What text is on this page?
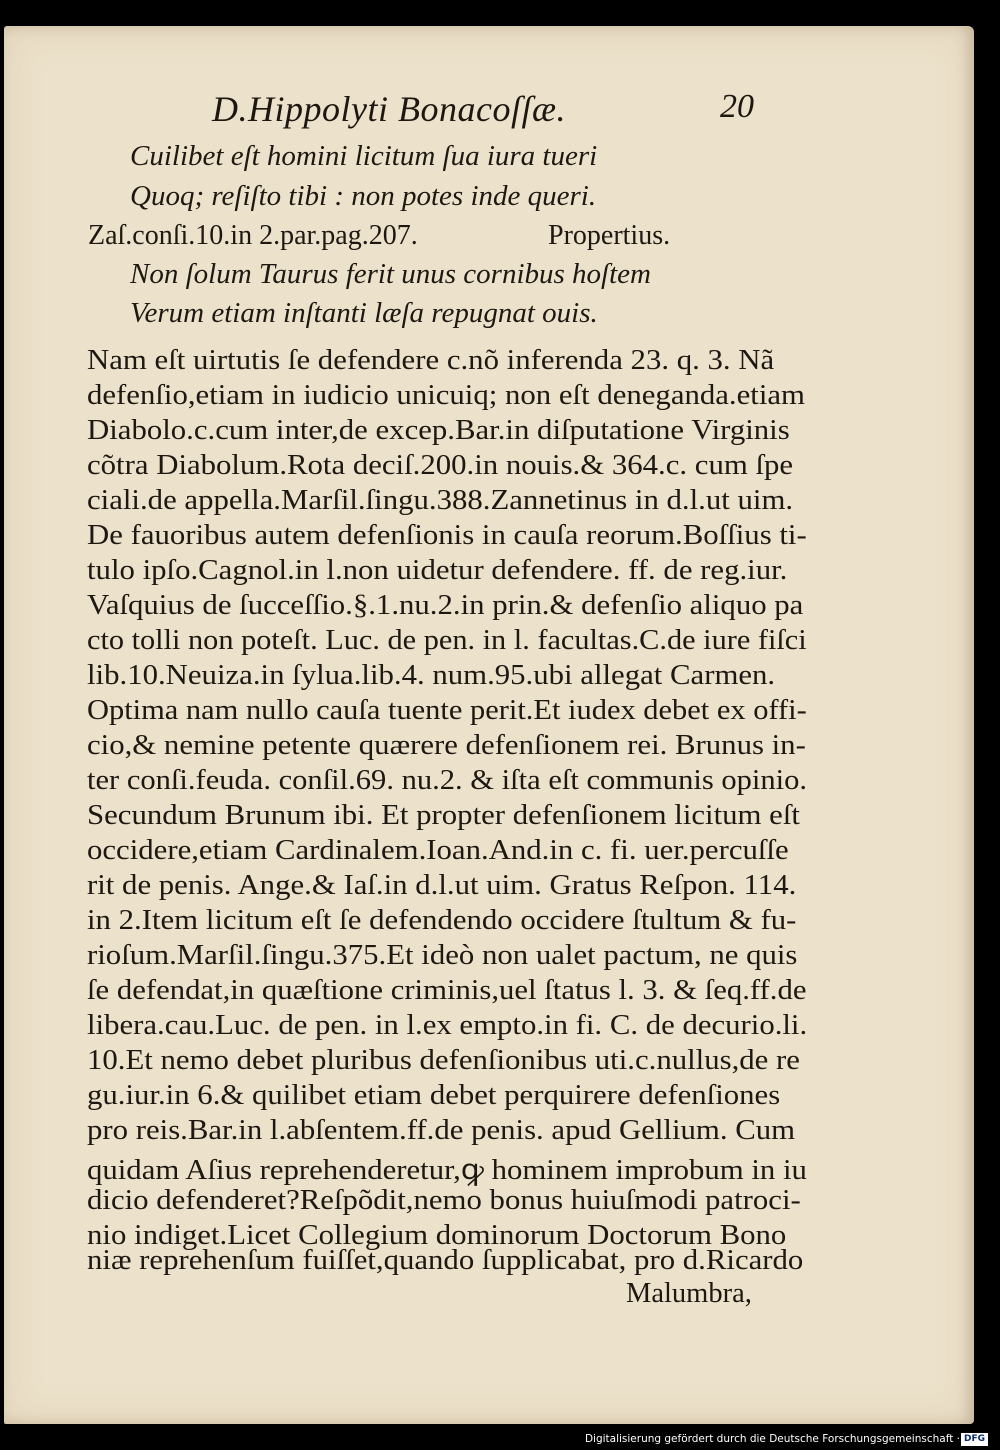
D.Hippolyti Bonacoſſæ.	20
Cuilibet eſt homini licitum ſua iura tueri
Quoq; reſiſto tibi : non potes inde queri.
Zaſ.conſi.10.in 2.par.pag.207.	Propertius.
Non ſolum Taurus ferit unus cornibus hoſtem
Verum etiam inſtanti læſa repugnat ouis.
Nam eſt uirtutis ſe defendere c.nõ inferenda 23. q. 3. Nã
defenſio,etiam in iudicio unicuiq; non eſt deneganda.etiam
Diabolo.c.cum inter,de excep.Bar.in diſputatione Virginis
cõtra Diabolum.Rota deciſ.200.in nouis.& 364.c. cum ſpe
ciali.de appella.Marſil.ſingu.388.Zannetinus in d.l.ut uim.
De fauoribus autem defenſionis in cauſa reorum.Boſſius ti-
tulo ipſo.Cagnol.in l.non uidetur defendere. ff. de reg.iur.
Vaſquius de ſucceſſio.§.1.nu.2.in prin.& defenſio aliquo pa
cto tolli non poteſt. Luc. de pen. in l. facultas.C.de iure fiſci
lib.10.Neuiza.in ſylua.lib.4. num.95.ubi allegat Carmen.
Optima nam nullo cauſa tuente perit.Et iudex debet ex offi-
cio,& nemine petente quærere defenſionem rei. Brunus in-
ter conſi.feuda. conſil.69. nu.2. & iſta eſt communis opinio.
Secundum Brunum ibi. Et propter defenſionem licitum eſt
occidere,etiam Cardinalem.Ioan.And.in c. fi. uer.percuſſe
rit de penis. Ange.& Iaſ.in d.l.ut uim. Gratus Reſpon. 114.
in 2.Item licitum eſt ſe defendendo occidere ſtultum & fu-
rioſum.Marſil.ſingu.375.Et ideò non ualet pactum, ne quis
ſe defendat,in quæſtione criminis,uel ſtatus l. 3. & ſeq.ff.de
libera.cau.Luc. de pen. in l.ex empto.in fi. C. de decurio.li.
10.Et nemo debet pluribus defenſionibus uti.c.nullus,de re
gu.iur.in 6.& quilibet etiam debet perquirere defenſiones
pro reis.Bar.in l.abſentem.ff.de penis. apud Gellium. Cum
quidam Aſius reprehenderetur,ꝙ hominem improbum in iu
dicio defenderet?Reſpõdit,nemo bonus huiuſmodi patroci-
nio indiget.Licet Collegium dominorum Doctorum Bono
niæ reprehenſum fuiſſet,quando ſupplicabat, pro d.Ricardo
Malumbra,
Digitalisierung gefördert durch die Deutsche Forschungsgemeinschaft · DFG
